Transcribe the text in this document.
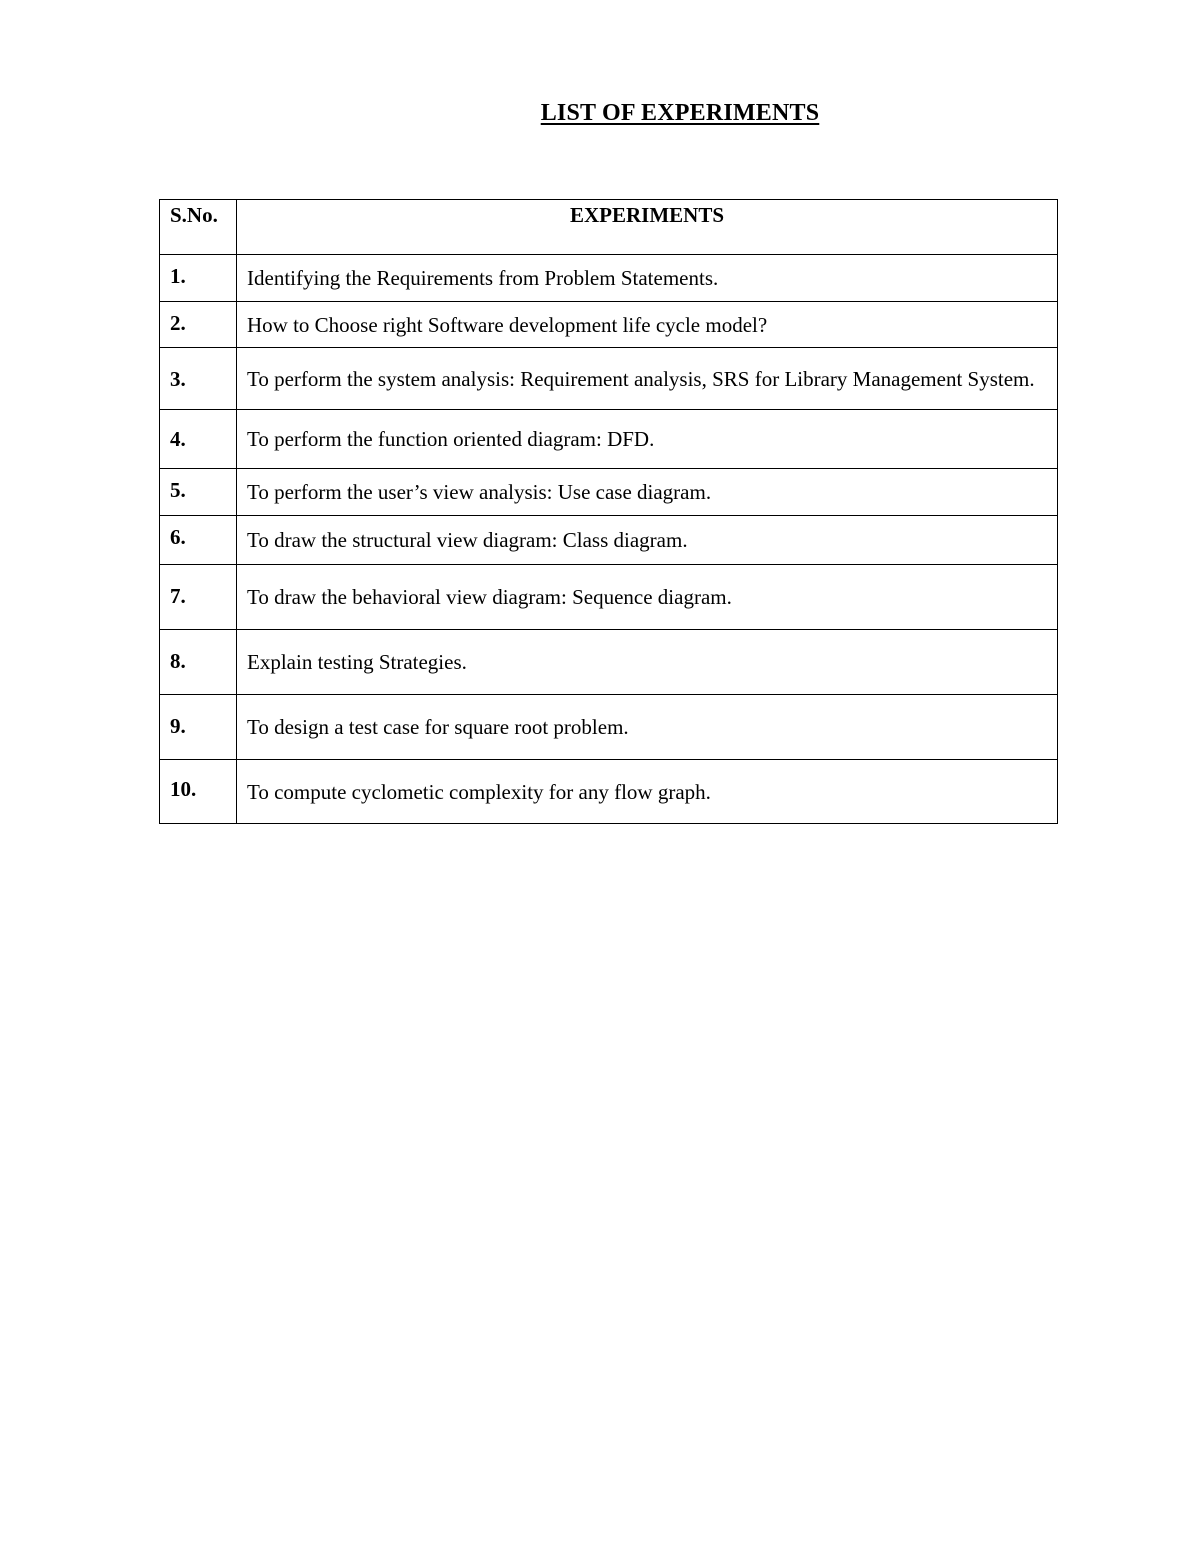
LIST OF EXPERIMENTS
S.No.	EXPERIMENTS
1.	Identifying the Requirements from Problem Statements.
2.	How to Choose right Software development life cycle model?
3.	To perform the system analysis: Requirement analysis, SRS for Library Management System.
4.	To perform the function oriented diagram: DFD.
5.	To perform the user’s view analysis: Use case diagram.
6.	To draw the structural view diagram: Class diagram.
7.	To draw the behavioral view diagram: Sequence diagram.
8.	Explain testing Strategies.
9.	To design a test case for square root problem.
10.	To compute cyclometic complexity for any flow graph.
